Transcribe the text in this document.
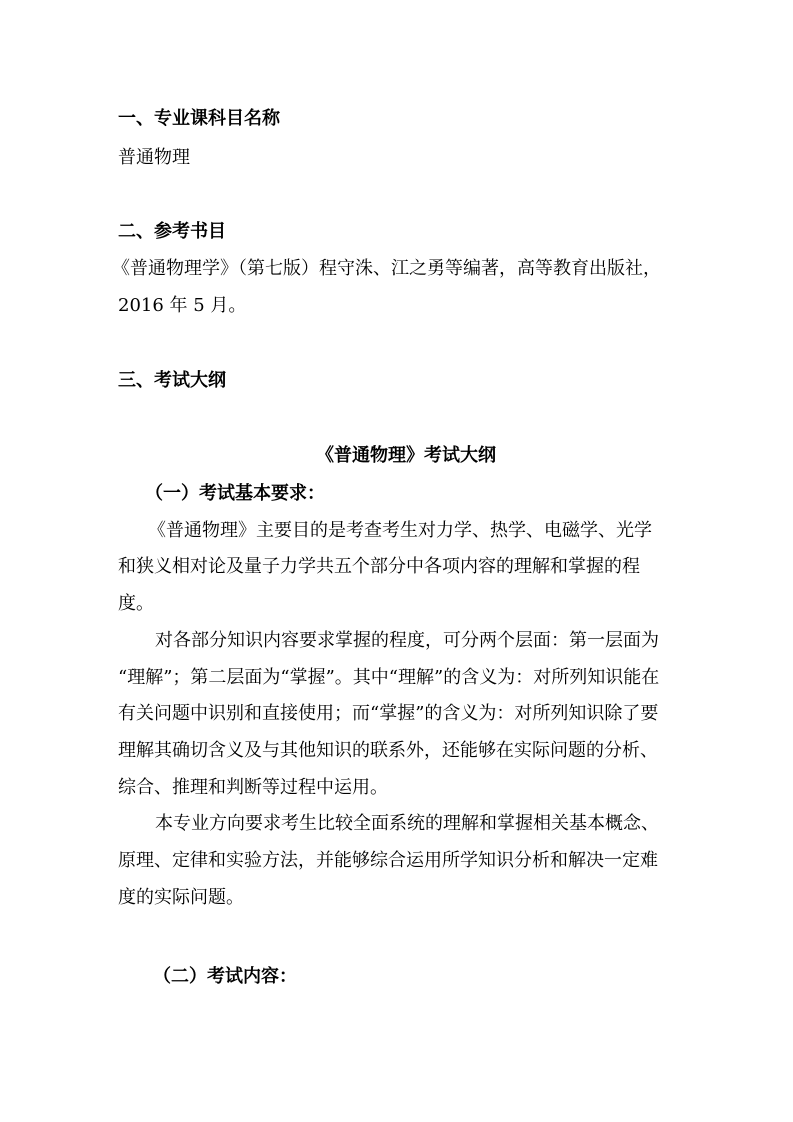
一、专业课科目名称
普通物理
二、参考书目
《普通物理学》（第七版）程守洙、江之勇等编著，高等教育出版社，
2016 年 5 月。
三、考试大纲
《普通物理》考试大纲
（一）考试基本要求：
《普通物理》主要目的是考查考生对力学、热学、电磁学、光学
和狭义相对论及量子力学共五个部分中各项内容的理解和掌握的程
度。
对各部分知识内容要求掌握的程度，可分两个层面：第一层面为
“理解”；第二层面为“掌握”。其中“理解”的含义为：对所列知识能在
有关问题中识别和直接使用；而“掌握”的含义为：对所列知识除了要
理解其确切含义及与其他知识的联系外，还能够在实际问题的分析、
综合、推理和判断等过程中运用。
本专业方向要求考生比较全面系统的理解和掌握相关基本概念、
原理、定律和实验方法，并能够综合运用所学知识分析和解决一定难
度的实际问题。
（二）考试内容：
